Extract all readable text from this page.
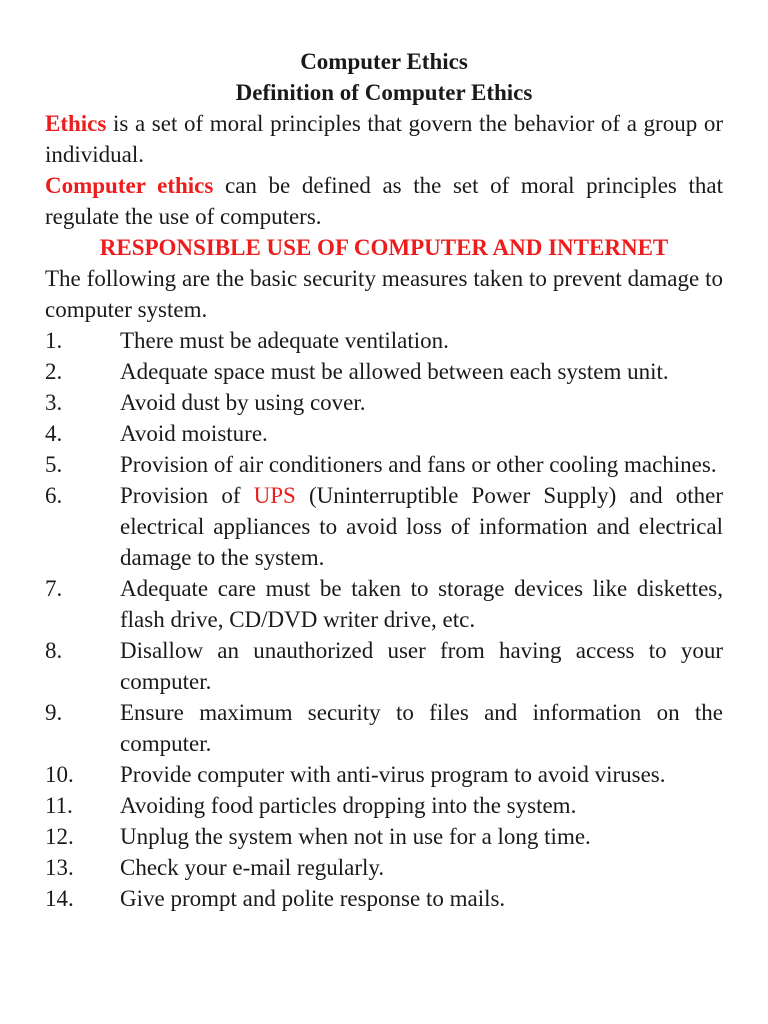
Computer Ethics
Definition of Computer Ethics
Ethics is a set of moral principles that govern the behavior of a group or individual.
Computer ethics can be defined as the set of moral principles that regulate the use of computers.
RESPONSIBLE USE OF COMPUTER AND INTERNET
The following are the basic security measures taken to prevent damage to computer system.
1.	There must be adequate ventilation.
2.	Adequate space must be allowed between each system unit.
3.	Avoid dust by using cover.
4.	Avoid moisture.
5.	Provision of air conditioners and fans or other cooling machines.
6.	Provision of UPS (Uninterruptible Power Supply) and other electrical appliances to avoid loss of information and electrical damage to the system.
7.	Adequate care must be taken to storage devices like diskettes, flash drive, CD/DVD writer drive, etc.
8.	Disallow an unauthorized user from having access to your computer.
9.	Ensure maximum security to files and information on the computer.
10.	Provide computer with anti-virus program to avoid viruses.
11.	Avoiding food particles dropping into the system.
12.	Unplug the system when not in use for a long time.
13.	Check your e-mail regularly.
14.	Give prompt and polite response to mails.
